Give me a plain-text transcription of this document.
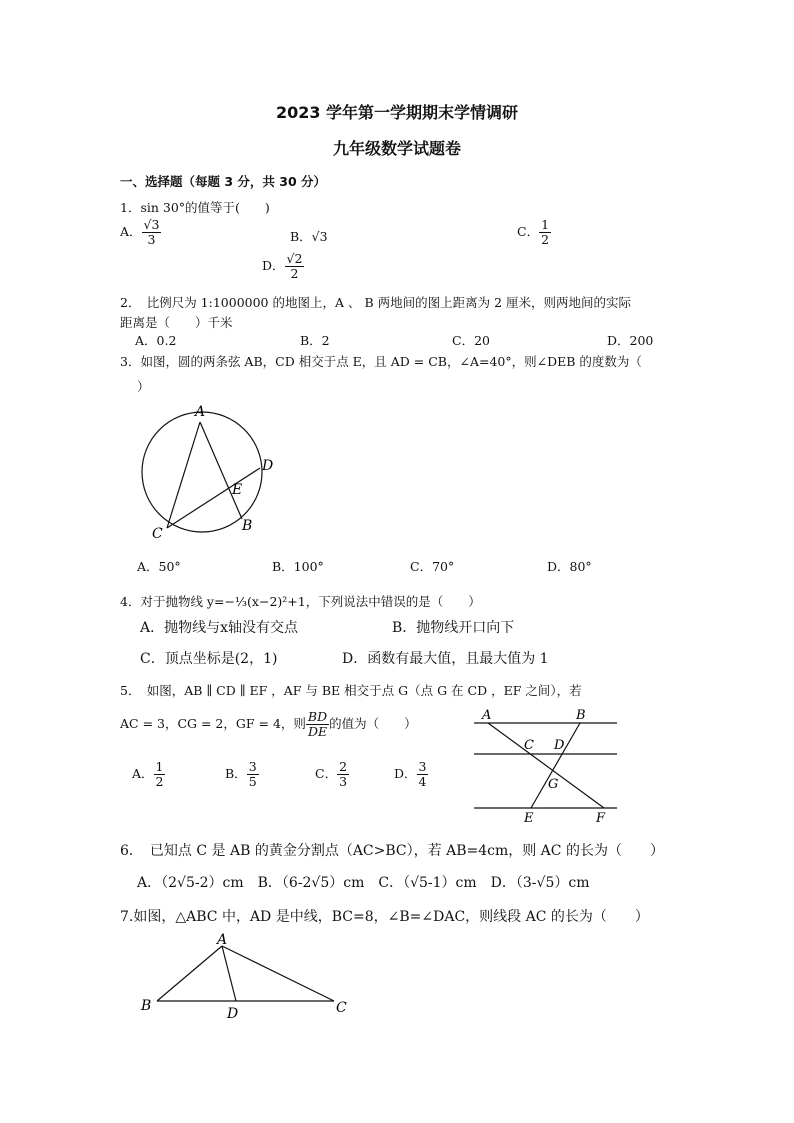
2023 学年第一学期期末学情调研
九年级数学试题卷
一、选择题（每题 3 分，共 30 分）
1．sin 30°的值等于(　　)
A． $\frac{√3}{3}$	B．√3	C． $\frac{1}{2}$
D． $\frac{√2}{2}$
2．　比例尺为 1:1000000 的地图上，A 、 B 两地间的图上距离为 2 厘米，则两地间的实际
距离是（　　）千米
A．0.2	B．2	C．20	D．200
3．如图，圆的两条弦 AB，CD 相交于点 E，且 AD = CB，∠A=40°，则∠DEB 的度数为（
）
A
D
E
C	B
A．50°	B．100°	C．70°	D．80°
4．对于抛物线 y=−⅓(x−2)²+1，下列说法中错误的是（　　）
A．抛物线与x轴没有交点	B．抛物线开口向下
C．顶点坐标是(2，1)	D．函数有最大值，且最大值为 1
5．　如图，AB ∥ CD ∥ EF ，AF 与 BE 相交于点 G（点 G 在 CD ，EF 之间），若
AC = 3，CG = 2，GF = 4，则 $\frac{BD}{DE}$ 的值为（　　）
A． $\frac{1}{2}$	B． $\frac{3}{5}$	C． $\frac{2}{3}$	D． $\frac{3}{4}$
A	B
C D
G
E	F
6．　已知点 C 是 AB 的黄金分割点（AC>BC），若 AB=4cm，则 AC 的长为（　　）
A．（2√5-2）cm　B．（6-2√5）cm　C．（√5-1）cm　D．（3-√5）cm
7.如图，△ABC 中，AD 是中线，BC=8，∠B=∠DAC，则线段 AC 的长为（　　）
A
B	D	C
